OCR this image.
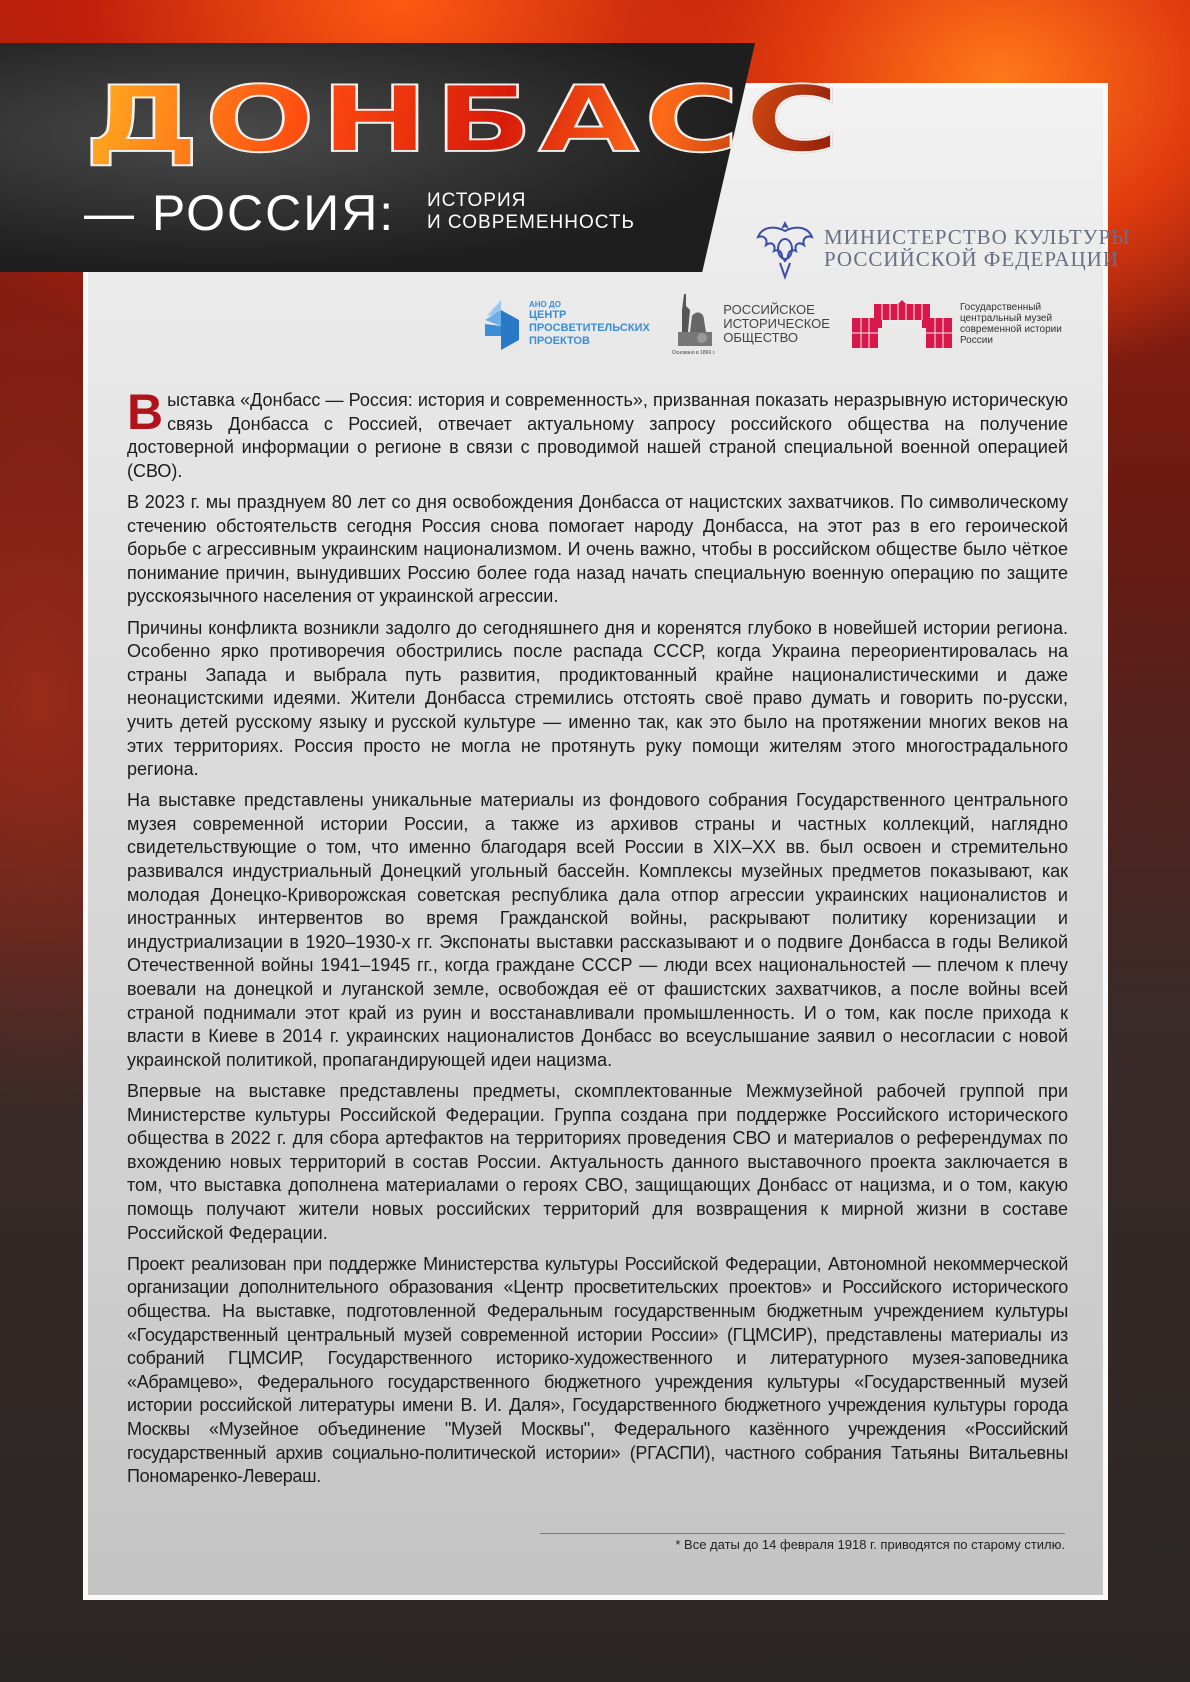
ДОНБАСС
— РОССИЯ: ИСТОРИЯ
И СОВРЕМЕННОСТЬ
МИНИСТЕРСТВО КУЛЬТУРЫ
РОССИЙСКОЙ ФЕДЕРАЦИИ
АНО ДО
ЦЕНТР
ПРОСВЕТИТЕЛЬСКИХ
ПРОЕКТОВ
Основано в 1866 г.
РОССИЙСКОЕ
ИСТОРИЧЕСКОЕ
ОБЩЕСТВО
Государственный
центральный музей
современной истории
России

Выставка «Донбасс — Россия: история и современность», призванная показать неразрывную историческую связь Донбасса с Россией, отвечает актуальному запросу российского общества на получение достоверной информации о регионе в связи с проводимой нашей страной специальной военной операцией (СВО).

В 2023 г. мы празднуем 80 лет со дня освобождения Донбасса от нацистских захватчиков. По символическому стечению обстоятельств сегодня Россия снова помогает народу Донбасса, на этот раз в его героической борьбе с агрессивным украинским национализмом. И очень важно, чтобы в российском обществе было чёткое понимание причин, вынудивших Россию более года назад начать специальную военную операцию по защите русскоязычного населения от украинской агрессии.

Причины конфликта возникли задолго до сегодняшнего дня и коренятся глубоко в новейшей истории региона. Особенно ярко противоречия обострились после распада СССР, когда Украина переориентировалась на страны Запада и выбрала путь развития, продиктованный крайне националистическими и даже неонацистскими идеями. Жители Донбасса стремились отстоять своё право думать и говорить по-русски, учить детей русскому языку и русской культуре — именно так, как это было на протяжении многих веков на этих территориях. Россия просто не могла не протянуть руку помощи жителям этого многострадального региона.

На выставке представлены уникальные материалы из фондового собрания Государственного центрального музея современной истории России, а также из архивов страны и частных коллекций, наглядно свидетельствующие о том, что именно благодаря всей России в XIX–XX вв. был освоен и стремительно развивался индустриальный Донецкий угольный бассейн. Комплексы музейных предметов показывают, как молодая Донецко-Криворожская советская республика дала отпор агрессии украинских националистов и иностранных интервентов во время Гражданской войны, раскрывают политику коренизации и индустриализации в 1920–1930-х гг. Экспонаты выставки рассказывают и о подвиге Донбасса в годы Великой Отечественной войны 1941–1945 гг., когда граждане СССР — люди всех национальностей — плечом к плечу воевали на донецкой и луганской земле, освобождая её от фашистских захватчиков, а после войны всей страной поднимали этот край из руин и восстанавливали промышленность. И о том, как после прихода к власти в Киеве в 2014 г. украинских националистов Донбасс во всеуслышание заявил о несогласии с новой украинской политикой, пропагандирующей идеи нацизма.

Впервые на выставке представлены предметы, скомплектованные Межмузейной рабочей группой при Министерстве культуры Российской Федерации. Группа создана при поддержке Российского исторического общества в 2022 г. для сбора артефактов на территориях проведения СВО и материалов о референдумах по вхождению новых территорий в состав России. Актуальность данного выставочного проекта заключается в том, что выставка дополнена материалами о героях СВО, защищающих Донбасс от нацизма, и о том, какую помощь получают жители новых российских территорий для возвращения к мирной жизни в составе Российской Федерации.

Проект реализован при поддержке Министерства культуры Российской Федерации, Автономной некоммерческой организации дополнительного образования «Центр просветительских проектов» и Российского исторического общества. На выставке, подготовленной Федеральным государственным бюджетным учреждением культуры «Государственный центральный музей современной истории России» (ГЦМСИР), представлены материалы из собраний ГЦМСИР, Государственного историко-художественного и литературного музея-заповедника «Абрамцево», Федерального государственного бюджетного учреждения культуры «Государственный музей истории российской литературы имени В. И. Даля», Государственного бюджетного учреждения культуры города Москвы «Музейное объединение "Музей Москвы", Федерального казённого учреждения «Российский государственный архив социально-политической истории» (РГАСПИ), частного собрания Татьяны Витальевны Пономаренко-Левераш.

* Все даты до 14 февраля 1918 г. приводятся по старому стилю.
